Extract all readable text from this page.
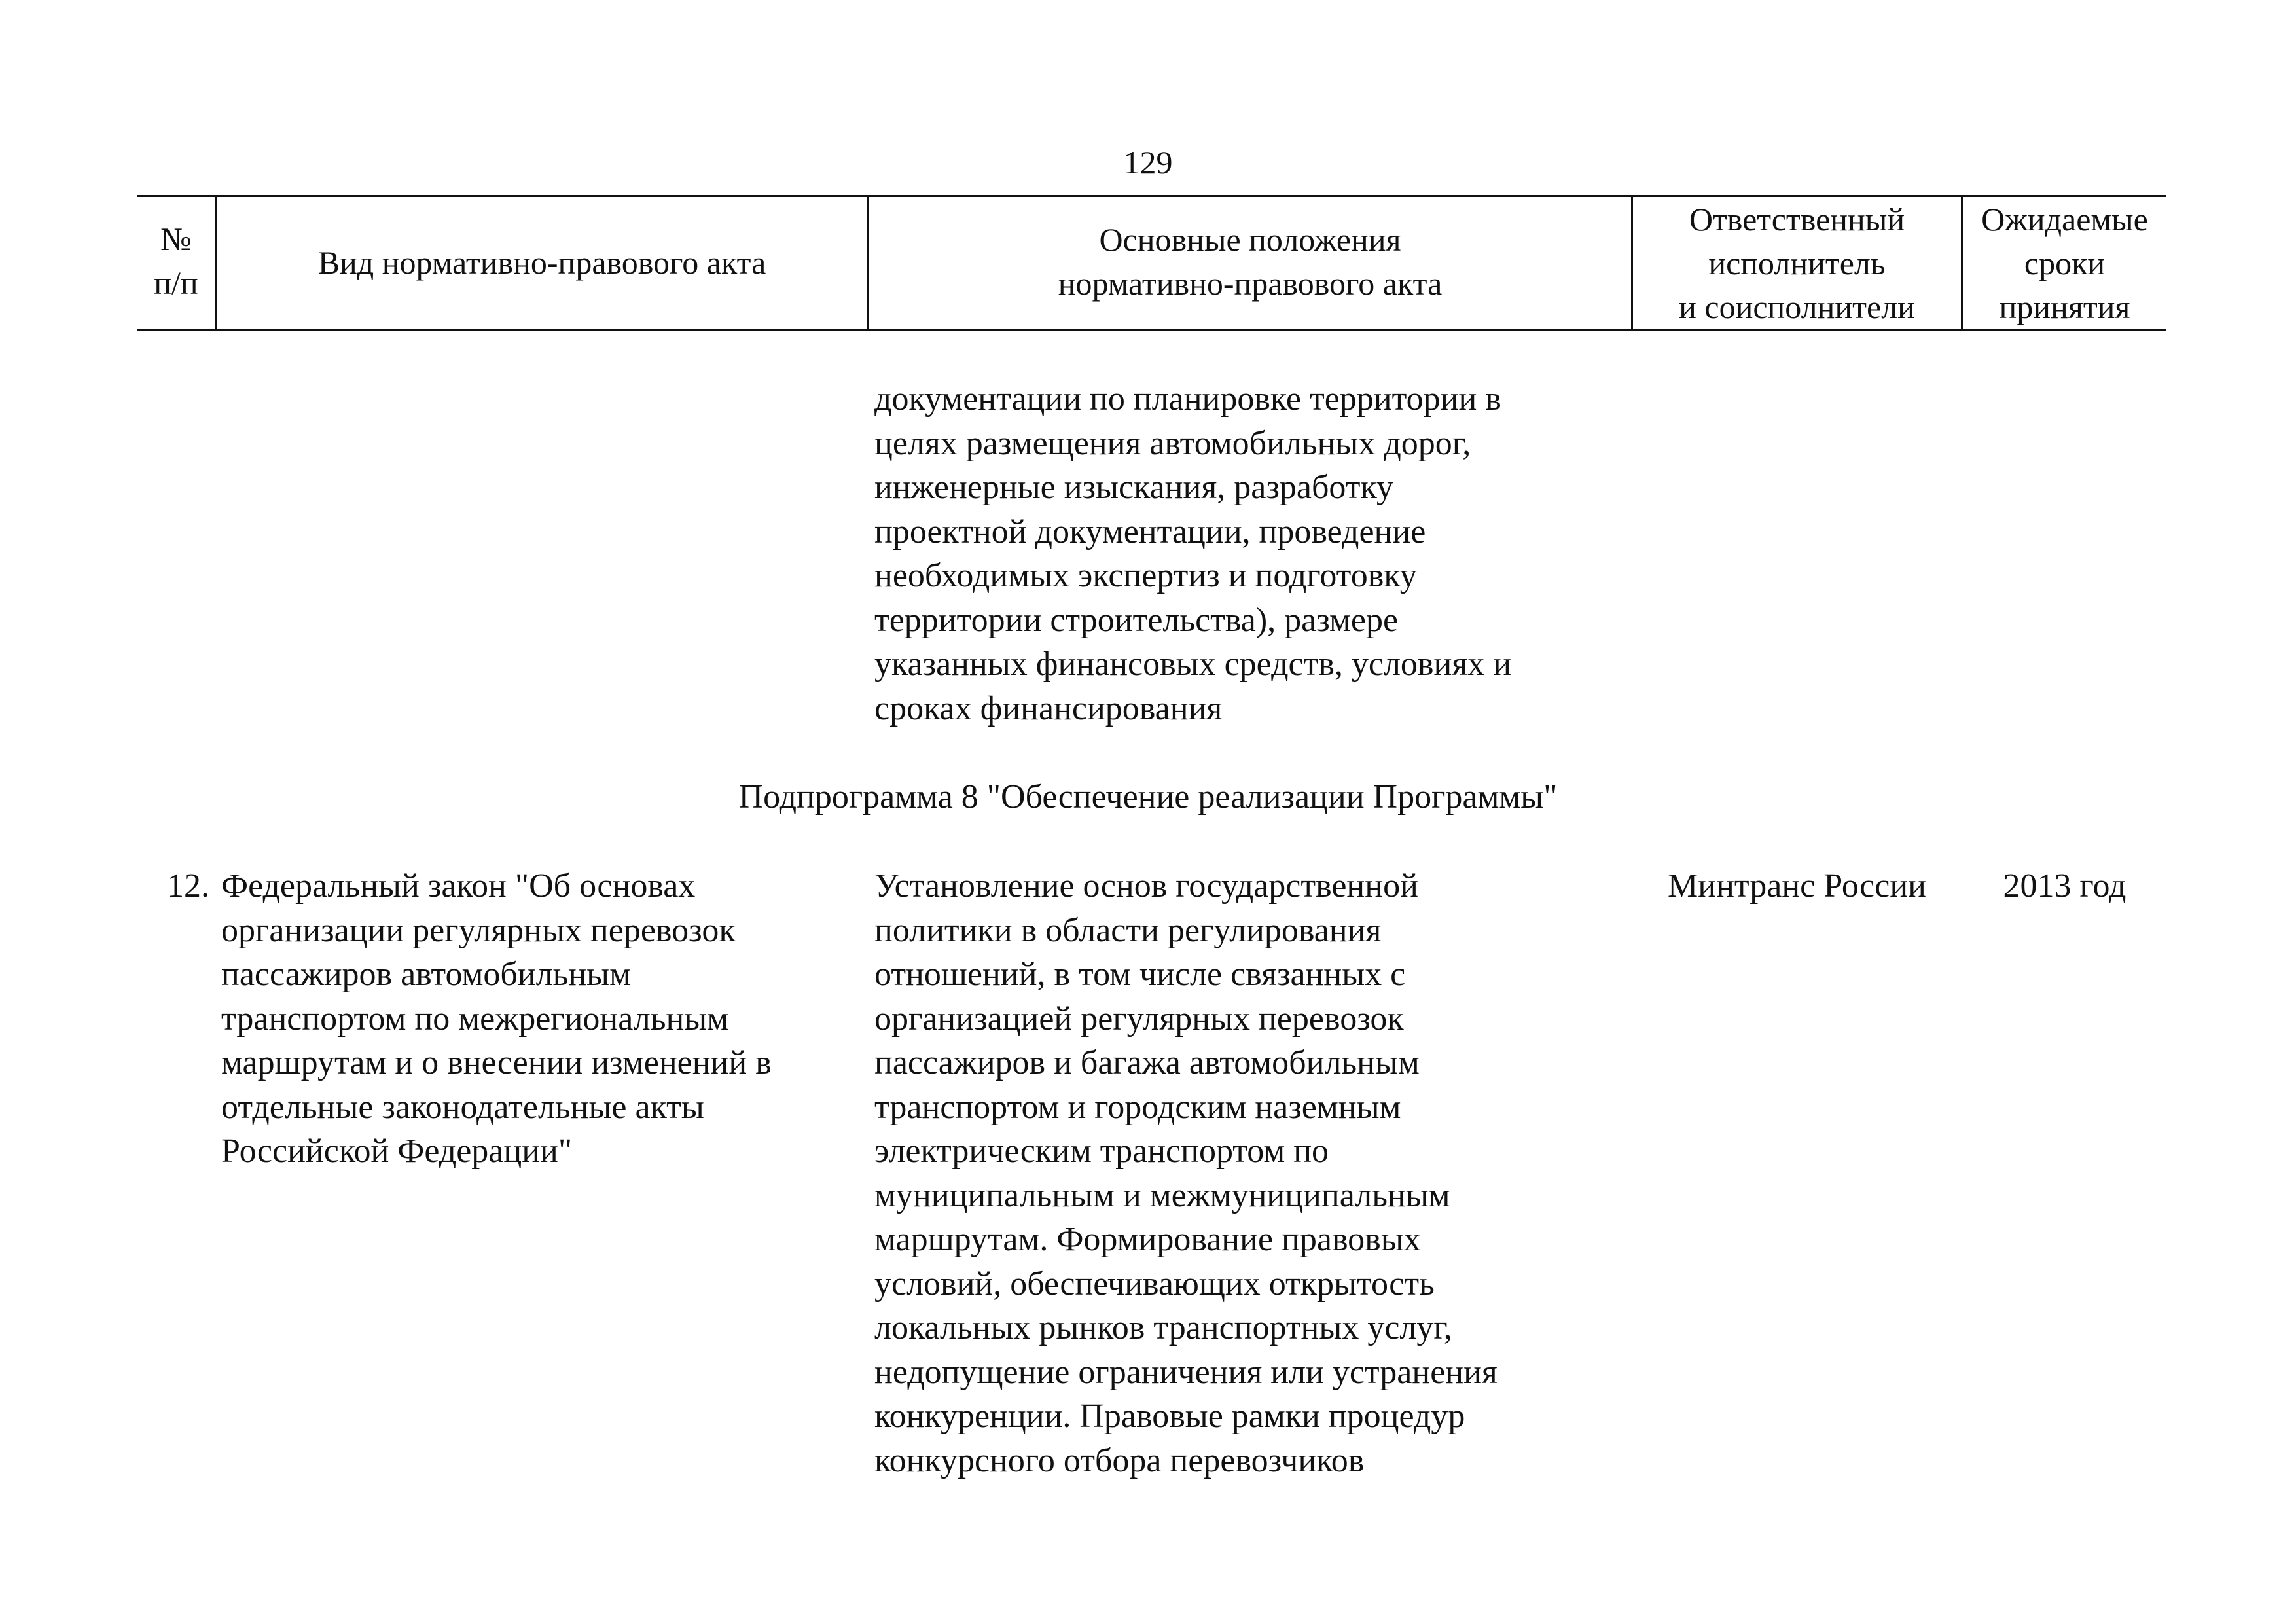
129
№
п/п
Вид нормативно-правового акта
Основные положения
нормативно-правового акта
Ответственный
исполнитель
и соисполнители
Ожидаемые
сроки
принятия
документации по планировке территории в
целях размещения автомобильных дорог,
инженерные изыскания, разработку
проектной документации, проведение
необходимых экспертиз и подготовку
территории строительства), размере
указанных финансовых средств, условиях и
сроках финансирования
Подпрограмма 8 "Обеспечение реализации Программы"
12. Федеральный закон "Об основах
организации регулярных перевозок
пассажиров автомобильным
транспортом по межрегиональным
маршрутам и о внесении изменений в
отдельные законодательные акты
Российской Федерации"
Установление основ государственной
политики в области регулирования
отношений, в том числе связанных с
организацией регулярных перевозок
пассажиров и багажа автомобильным
транспортом и городским наземным
электрическим транспортом по
муниципальным и межмуниципальным
маршрутам. Формирование правовых
условий, обеспечивающих открытость
локальных рынков транспортных услуг,
недопущение ограничения или устранения
конкуренции. Правовые рамки процедур
конкурсного отбора перевозчиков
Минтранс России	2013 год
